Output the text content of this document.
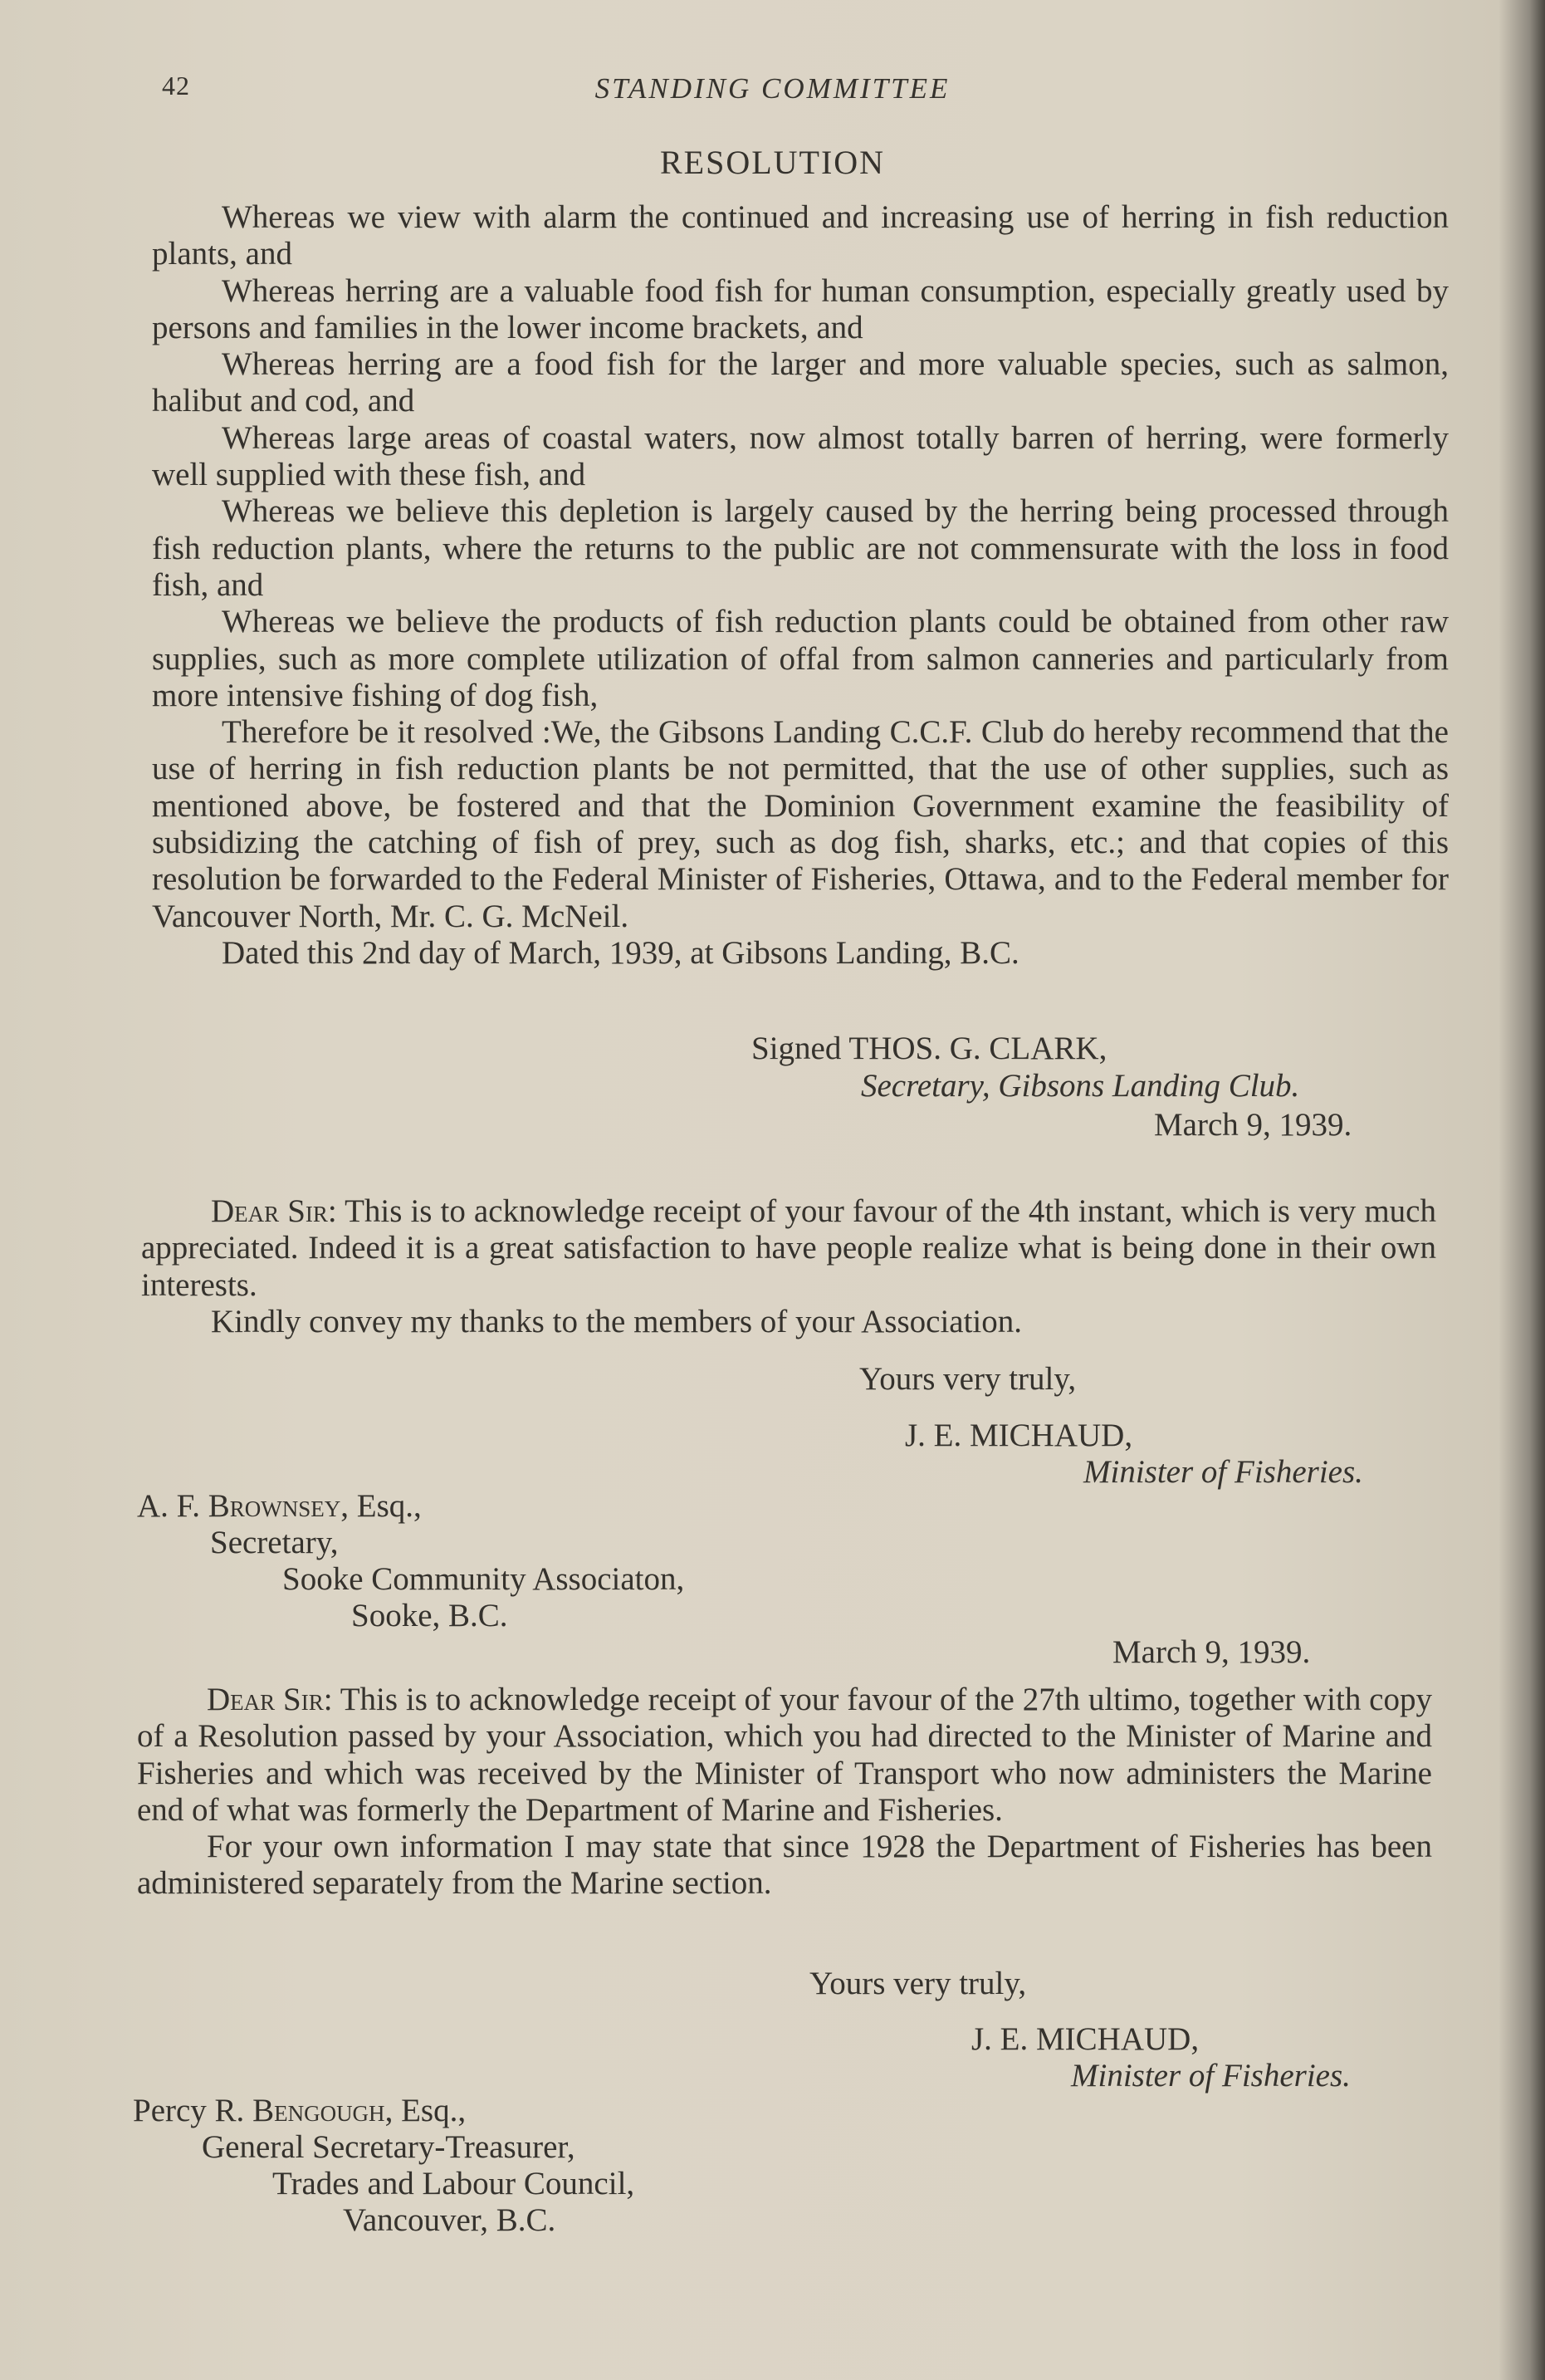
42	STANDING COMMITTEE
RESOLUTION

Whereas we view with alarm the continued and increasing use of herring in fish reduction plants, and

Whereas herring are a valuable food fish for human consumption, especially greatly used by persons and families in the lower income brackets, and

Whereas herring are a food fish for the larger and more valuable species, such as salmon, halibut and cod, and

Whereas large areas of coastal waters, now almost totally barren of herring, were formerly well supplied with these fish, and

Whereas we believe this depletion is largely caused by the herring being processed through fish reduction plants, where the returns to the public are not commensurate with the loss in food fish, and

Whereas we believe the products of fish reduction plants could be obtained from other raw supplies, such as more complete utilization of offal from salmon canneries and particularly from more intensive fishing of dog fish,

Therefore be it resolved :We, the Gibsons Landing C.C.F. Club do hereby recommend that the use of herring in fish reduction plants be not permitted, that the use of other supplies, such as mentioned above, be fostered and that the Dominion Government examine the feasibility of subsidizing the catching of fish of prey, such as dog fish, sharks, etc.; and that copies of this resolution be forwarded to the Federal Minister of Fisheries, Ottawa, and to the Federal member for Vancouver North, Mr. C. G. McNeil.

Dated this 2nd day of March, 1939, at Gibsons Landing, B.C.

Signed THOS. G. CLARK,
Secretary, Gibsons Landing Club.
March 9, 1939.

Dear Sir: This is to acknowledge receipt of your favour of the 4th instant, which is very much appreciated. Indeed it is a great satisfaction to have people realize what is being done in their own interests.

Kindly convey my thanks to the members of your Association.

Yours very truly,
J. E. MICHAUD,
Minister of Fisheries.
A. F. Brownsey, Esq.,
Secretary,
Sooke Community Associaton,
Sooke, B.C.
March 9, 1939.

Dear Sir: This is to acknowledge receipt of your favour of the 27th ultimo, together with copy of a Resolution passed by your Association, which you had directed to the Minister of Marine and Fisheries and which was received by the Minister of Transport who now administers the Marine end of what was formerly the Department of Marine and Fisheries.

For your own information I may state that since 1928 the Department of Fisheries has been administered separately from the Marine section.

Yours very truly,
J. E. MICHAUD,
Minister of Fisheries.
Percy R. Bengough, Esq.,
General Secretary-Treasurer,
Trades and Labour Council,
Vancouver, B.C.
